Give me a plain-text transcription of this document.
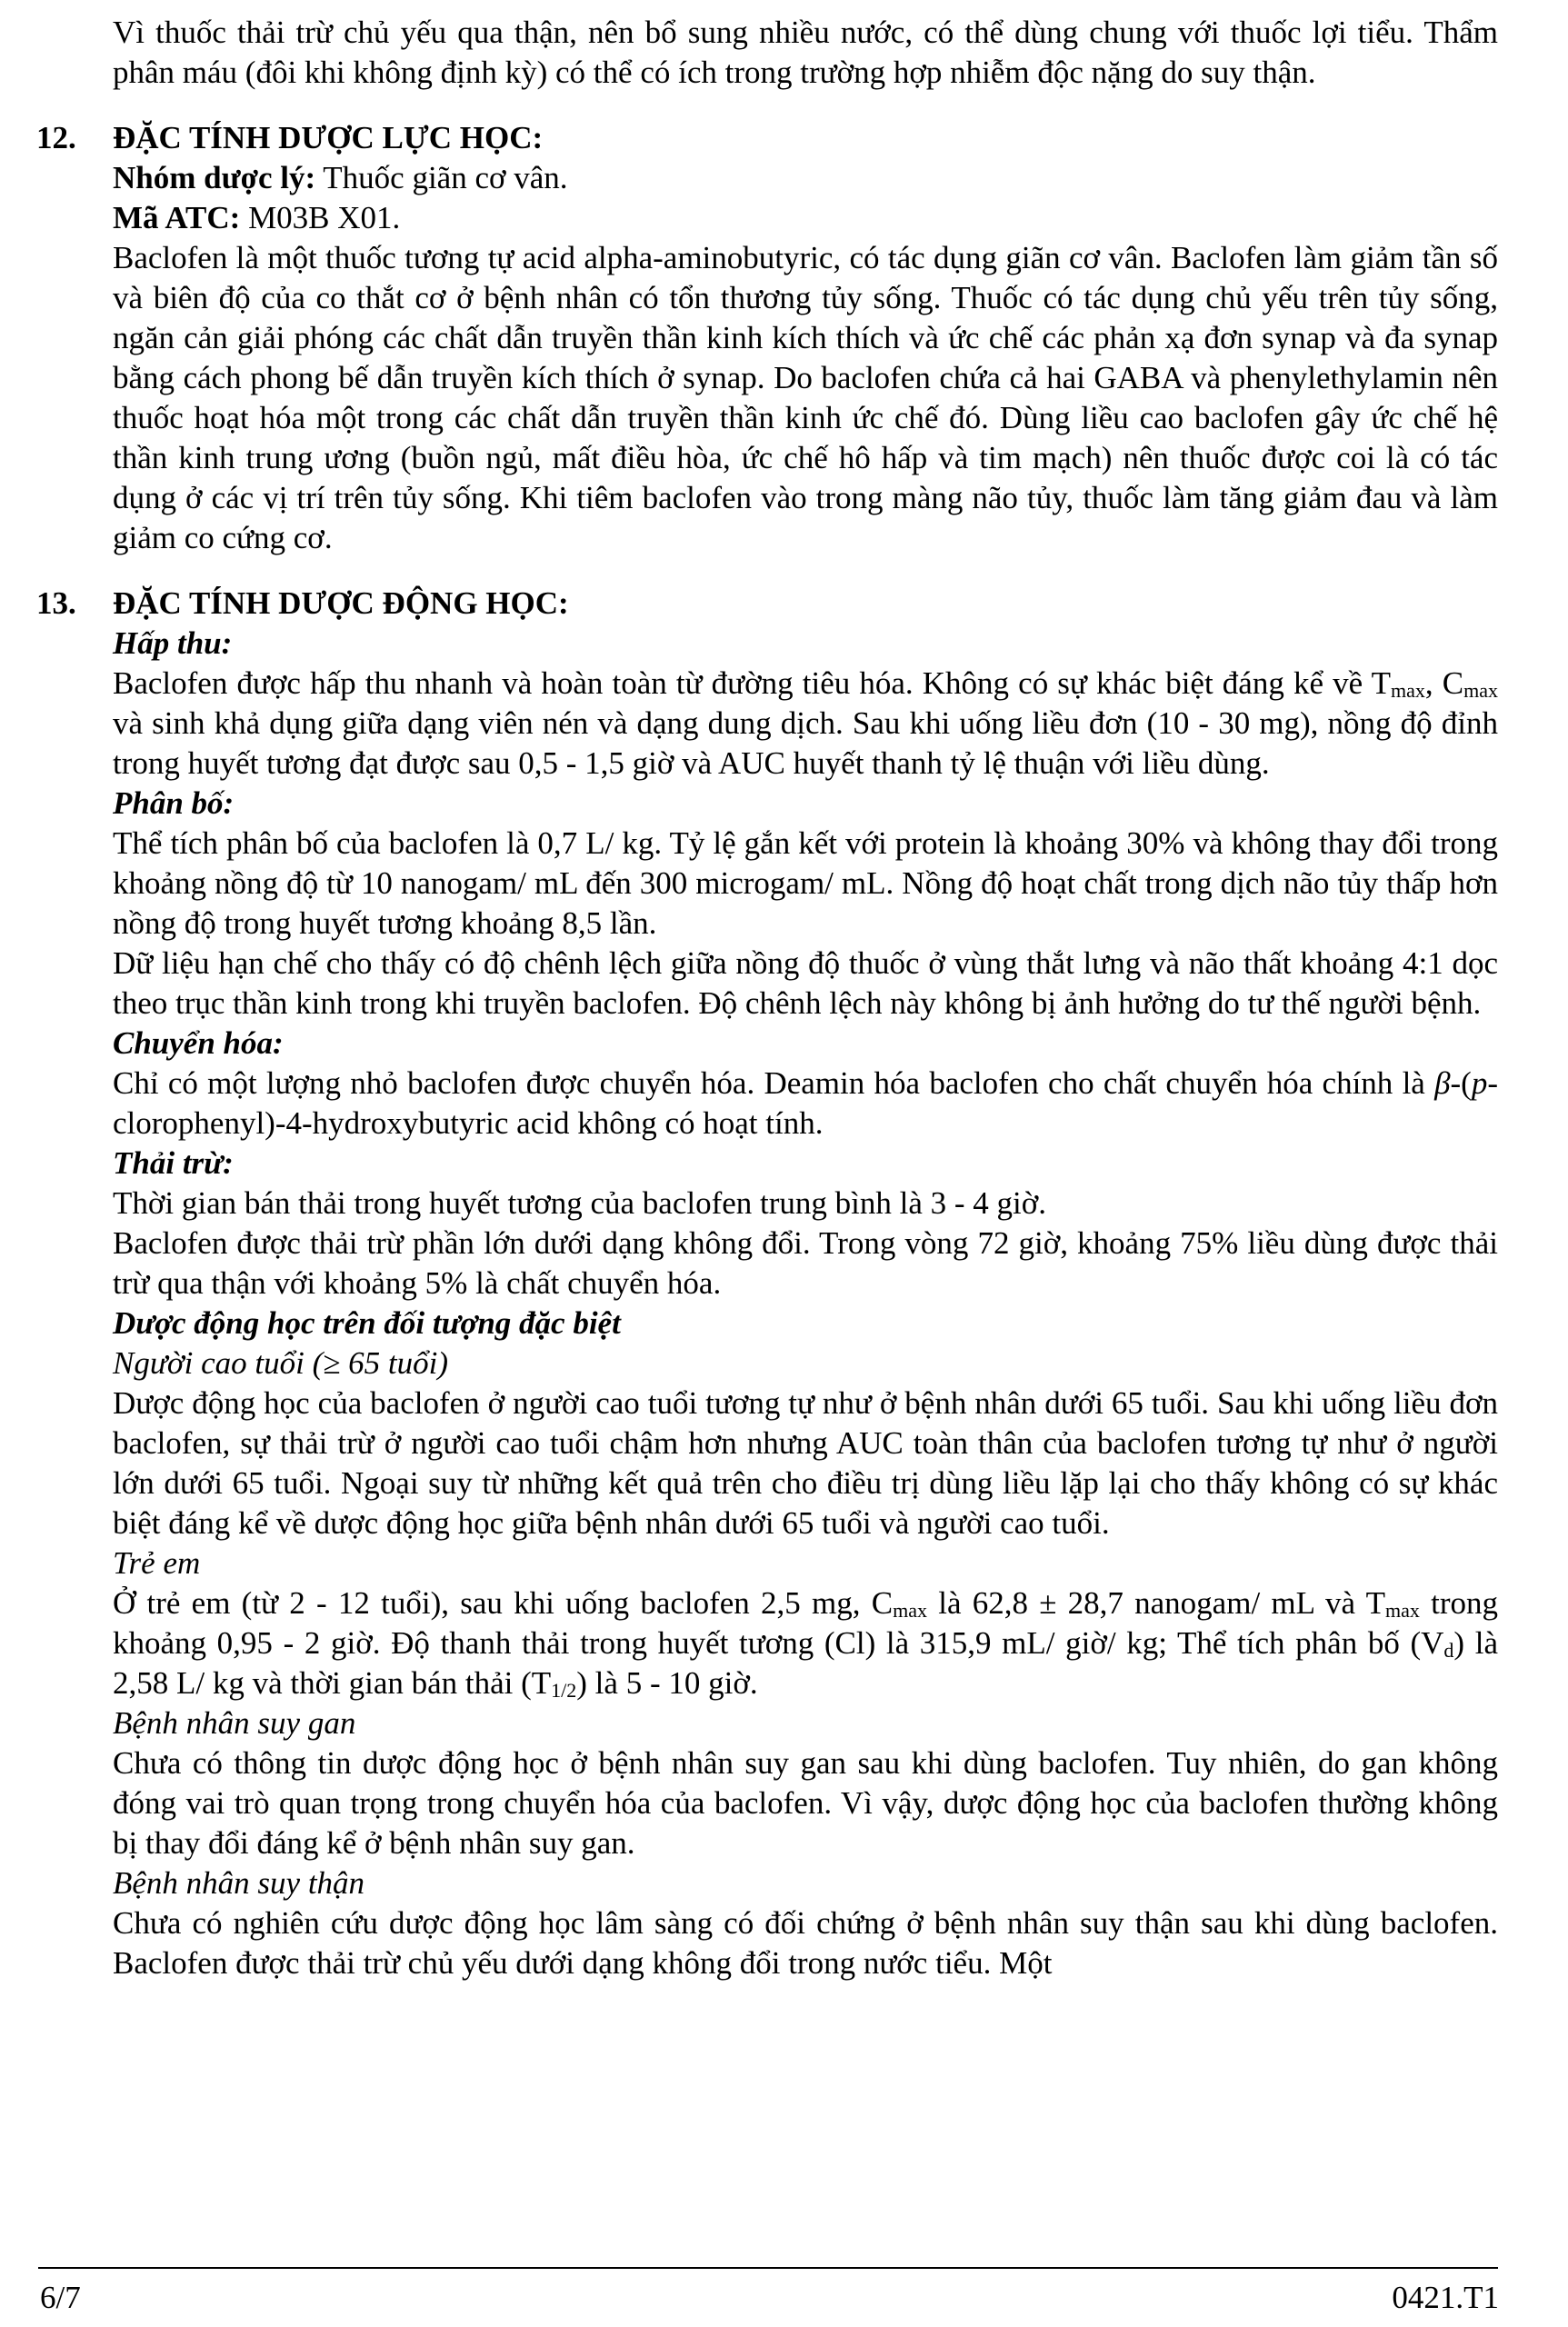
Vì thuốc thải trừ chủ yếu qua thận, nên bổ sung nhiều nước, có thể dùng chung với thuốc lợi tiểu. Thẩm phân máu (đôi khi không định kỳ) có thể có ích trong trường hợp nhiễm độc nặng do suy thận.

12. ĐẶC TÍNH DƯỢC LỰC HỌC:
Nhóm dược lý: Thuốc giãn cơ vân.
Mã ATC: M03B X01.

Baclofen là một thuốc tương tự acid alpha-aminobutyric, có tác dụng giãn cơ vân. Baclofen làm giảm tần số và biên độ của co thắt cơ ở bệnh nhân có tổn thương tủy sống. Thuốc có tác dụng chủ yếu trên tủy sống, ngăn cản giải phóng các chất dẫn truyền thần kinh kích thích và ức chế các phản xạ đơn synap và đa synap bằng cách phong bế dẫn truyền kích thích ở synap. Do baclofen chứa cả hai GABA và phenylethylamin nên thuốc hoạt hóa một trong các chất dẫn truyền thần kinh ức chế đó. Dùng liều cao baclofen gây ức chế hệ thần kinh trung ương (buồn ngủ, mất điều hòa, ức chế hô hấp và tim mạch) nên thuốc được coi là có tác dụng ở các vị trí trên tủy sống. Khi tiêm baclofen vào trong màng não tủy, thuốc làm tăng giảm đau và làm giảm co cứng cơ.

13. ĐẶC TÍNH DƯỢC ĐỘNG HỌC:
Hấp thu:

Baclofen được hấp thu nhanh và hoàn toàn từ đường tiêu hóa. Không có sự khác biệt đáng kể về $T_{max}$, $C_{max}$ và sinh khả dụng giữa dạng viên nén và dạng dung dịch. Sau khi uống liều đơn (10 - 30 mg), nồng độ đỉnh trong huyết tương đạt được sau 0,5 - 1,5 giờ và AUC huyết thanh tỷ lệ thuận với liều dùng.

Phân bố:

Thể tích phân bố của baclofen là 0,7 L/ kg. Tỷ lệ gắn kết với protein là khoảng 30% và không thay đổi trong khoảng nồng độ từ 10 nanogam/ mL đến 300 microgam/ mL. Nồng độ hoạt chất trong dịch não tủy thấp hơn nồng độ trong huyết tương khoảng 8,5 lần.

Dữ liệu hạn chế cho thấy có độ chênh lệch giữa nồng độ thuốc ở vùng thắt lưng và não thất khoảng 4:1 dọc theo trục thần kinh trong khi truyền baclofen. Độ chênh lệch này không bị ảnh hưởng do tư thế người bệnh.

Chuyển hóa:

Chỉ có một lượng nhỏ baclofen được chuyển hóa. Deamin hóa baclofen cho chất chuyển hóa chính là β-(p-clorophenyl)-4-hydroxybutyric acid không có hoạt tính.

Thải trừ:

Thời gian bán thải trong huyết tương của baclofen trung bình là 3 - 4 giờ.

Baclofen được thải trừ phần lớn dưới dạng không đổi. Trong vòng 72 giờ, khoảng 75% liều dùng được thải trừ qua thận với khoảng 5% là chất chuyển hóa.

Dược động học trên đối tượng đặc biệt
Người cao tuổi (≥ 65 tuổi)

Dược động học của baclofen ở người cao tuổi tương tự như ở bệnh nhân dưới 65 tuổi. Sau khi uống liều đơn baclofen, sự thải trừ ở người cao tuổi chậm hơn nhưng AUC toàn thân của baclofen tương tự như ở người lớn dưới 65 tuổi. Ngoại suy từ những kết quả trên cho điều trị dùng liều lặp lại cho thấy không có sự khác biệt đáng kể về dược động học giữa bệnh nhân dưới 65 tuổi và người cao tuổi.

Trẻ em

Ở trẻ em (từ 2 - 12 tuổi), sau khi uống baclofen 2,5 mg, $C_{max}$ là 62,8 ± 28,7 nanogam/ mL và $T_{max}$ trong khoảng 0,95 - 2 giờ. Độ thanh thải trong huyết tương (Cl) là 315,9 mL/ giờ/ kg; Thể tích phân bố $(V_d)$ là 2,58 L/ kg và thời gian bán thải $(T_{1/2})$ là 5 - 10 giờ.

Bệnh nhân suy gan

Chưa có thông tin dược động học ở bệnh nhân suy gan sau khi dùng baclofen. Tuy nhiên, do gan không đóng vai trò quan trọng trong chuyển hóa của baclofen. Vì vậy, dược động học của baclofen thường không bị thay đổi đáng kể ở bệnh nhân suy gan.

Bệnh nhân suy thận

Chưa có nghiên cứu dược động học lâm sàng có đối chứng ở bệnh nhân suy thận sau khi dùng baclofen. Baclofen được thải trừ chủ yếu dưới dạng không đổi trong nước tiểu. Một

6/7	0421.T1
